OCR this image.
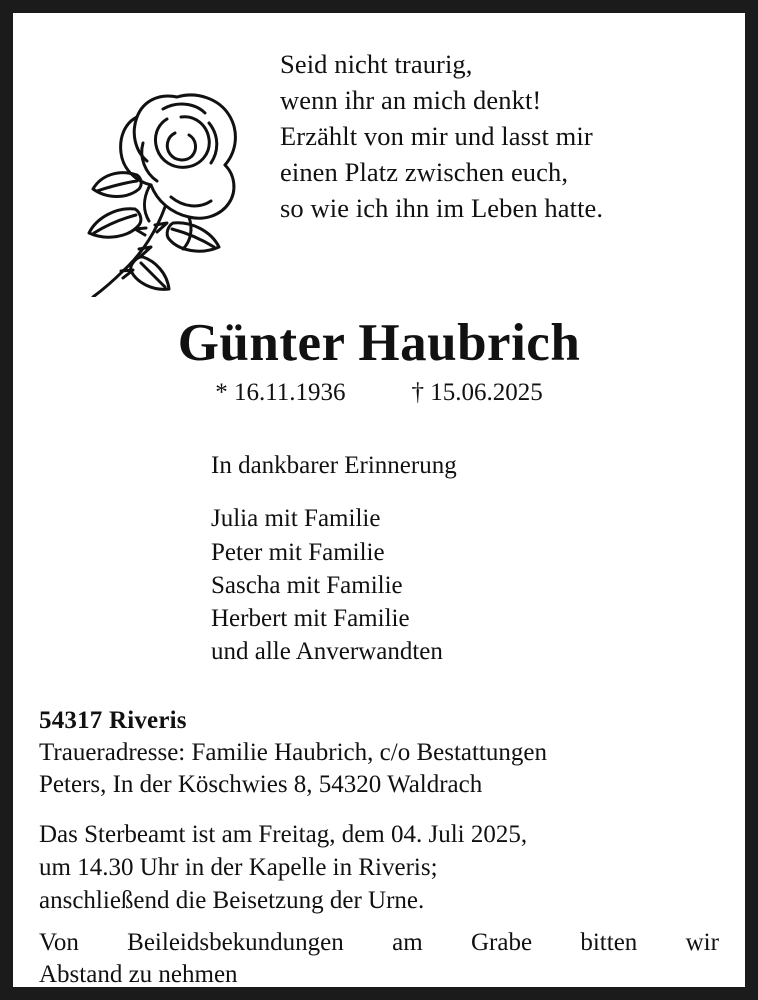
Seid nicht traurig,
wenn ihr an mich denkt!
Erzählt von mir und lasst mir
einen Platz zwischen euch,
so wie ich ihn im Leben hatte.
Günter Haubrich
* 16.11.1936	† 15.06.2025
In dankbarer Erinnerung
Julia mit Familie
Peter mit Familie
Sascha mit Familie
Herbert mit Familie
und alle Anverwandten
54317 Riveris
Traueradresse: Familie Haubrich, c/o Bestattungen
Peters, In der Köschwies 8, 54320 Waldrach
Das Sterbeamt ist am Freitag, dem 04. Juli 2025,
um 14.30 Uhr in der Kapelle in Riveris;
anschließend die Beisetzung der Urne.
Von Beileidsbekundungen am Grabe bitten wir
Abstand zu nehmen
